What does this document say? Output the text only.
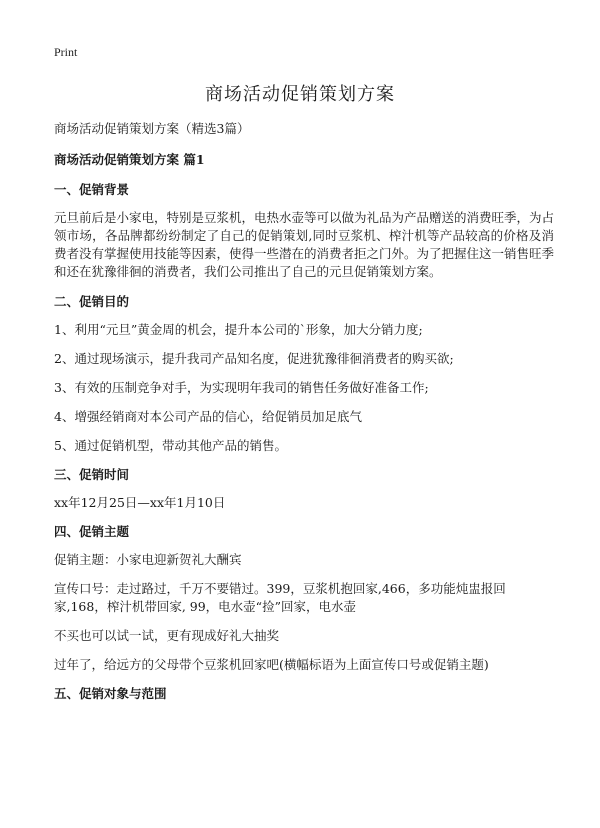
Print
商场活动促销策划方案

商场活动促销策划方案（精选3篇）

商场活动促销策划方案 篇1

一、促销背景

元旦前后是小家电，特别是豆浆机，电热水壶等可以做为礼品为产品赠送的消费旺季，为占领市场，各品牌都纷纷制定了自己的促销策划,同时豆浆机、榨汁机等产品较高的价格及消费者没有掌握使用技能等因素，使得一些潜在的消费者拒之门外。为了把握住这一销售旺季和还在犹豫徘徊的消费者，我们公司推出了自己的元旦促销策划方案。

二、促销目的

1、利用“元旦”黄金周的机会，提升本公司的`形象，加大分销力度;

2、通过现场演示，提升我司产品知名度，促进犹豫徘徊消费者的购买欲;

3、有效的压制竞争对手，为实现明年我司的销售任务做好准备工作;

4、增强经销商对本公司产品的信心，给促销员加足底气

5、通过促销机型，带动其他产品的销售。

三、促销时间

xx年12月25日—xx年1月10日

四、促销主题

促销主题：小家电迎新贺礼大酬宾

宣传口号：走过路过，千万不要错过。399，豆浆机抱回家,466，多功能炖盅报回家,168，榨汁机带回家, 99，电水壶“捡”回家，电水壶

不买也可以试一试，更有现成好礼大抽奖

过年了，给远方的父母带个豆浆机回家吧(横幅标语为上面宣传口号或促销主题)

五、促销对象与范围
